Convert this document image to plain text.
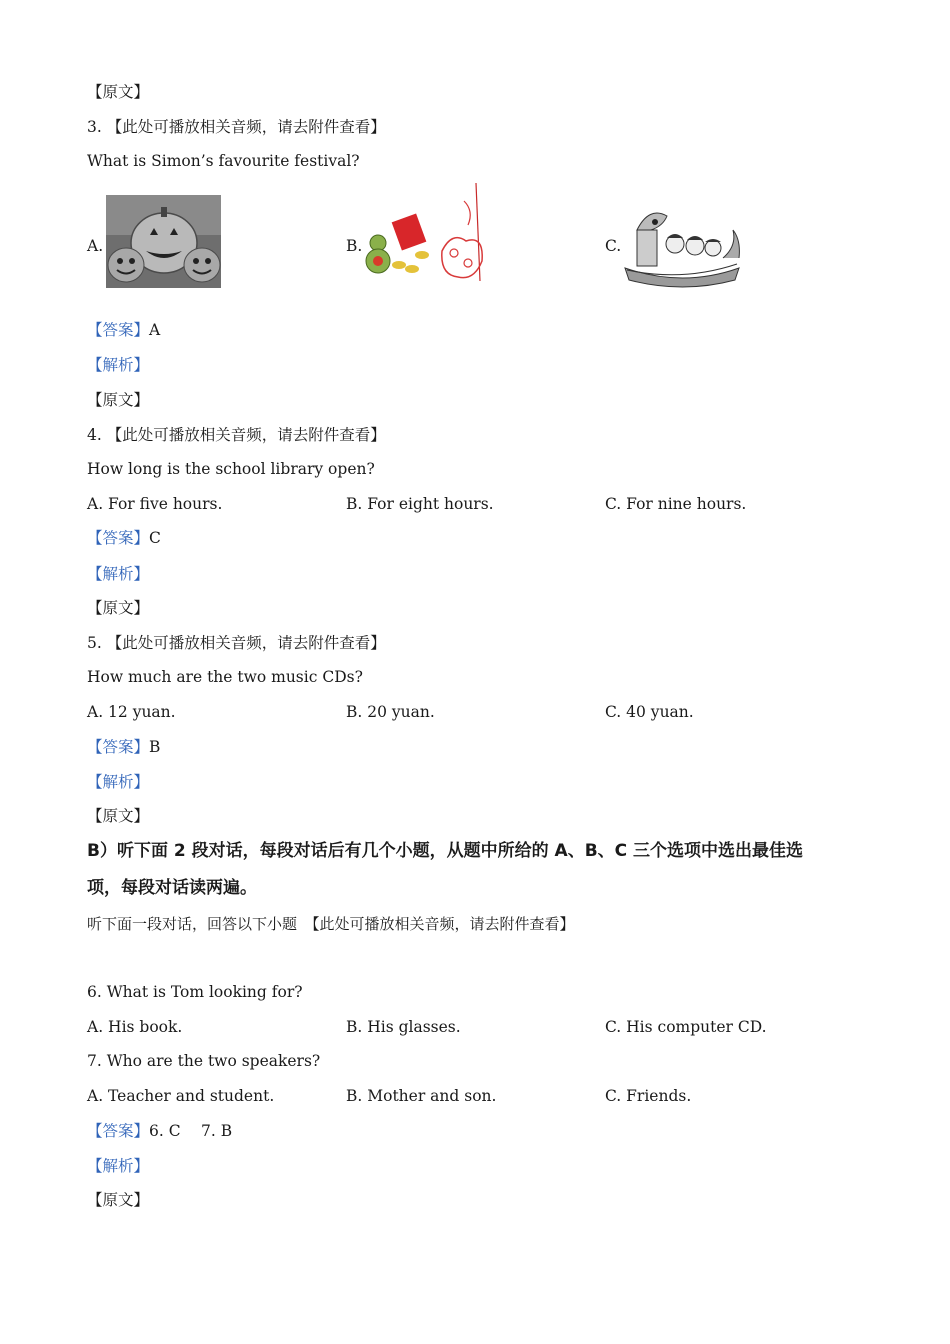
【原文】
3. 【此处可播放相关音频，请去附件查看】
What is Simon’s favourite festival?
A.	B.	C.
【答案】A
【解析】
【原文】
4. 【此处可播放相关音频，请去附件查看】
How long is the school library open?
A. For five hours.	B. For eight hours.	C. For nine hours.
【答案】C
【解析】
【原文】
5. 【此处可播放相关音频，请去附件查看】
How much are the two music CDs?
A. 12 yuan.	B. 20 yuan.	C. 40 yuan.
【答案】B
【解析】
【原文】
B）听下面 2 段对话，每段对话后有几个小题，从题中所给的 A、B、C 三个选项中选出最佳选
项，每段对话读两遍。
听下面一段对话，回答以下小题　【此处可播放相关音频，请去附件查看】
6. What is Tom looking for?
A. His book.	B. His glasses.	C. His computer CD.
7. Who are the two speakers?
A. Teacher and student.	B. Mother and son.	C. Friends.
【答案】6. C　 7. B
【解析】
【原文】
